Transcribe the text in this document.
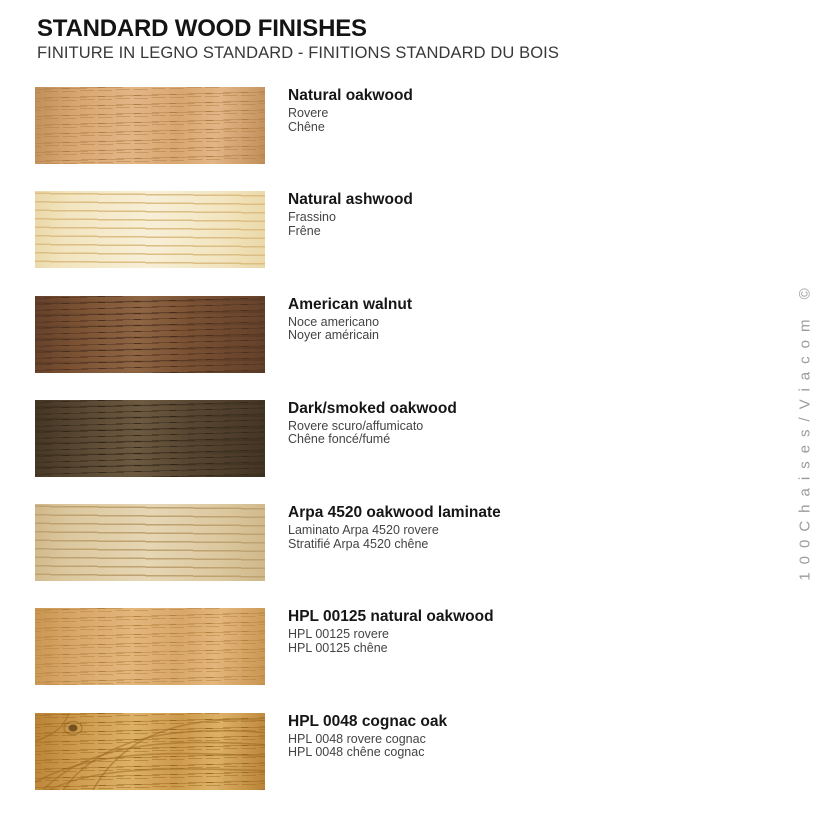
STANDARD WOOD FINISHES
FINITURE IN LEGNO STANDARD - FINITIONS STANDARD DU BOIS
Natural oakwood

Rovere

Chêne

Natural ashwood

Frassino

Frêne

American walnut

Noce americano

Noyer américain

Dark/smoked oakwood

Rovere scuro/affumicato

Chêne foncé/fumé

Arpa 4520 oakwood laminate

Laminato Arpa 4520 rovere

Stratifié Arpa 4520 chêne

HPL 00125 natural oakwood

HPL 00125 rovere

HPL 00125 chêne

HPL 0048 cognac oak

HPL 0048 rovere cognac

HPL 0048 chêne cognac

100Chaises/Viacom ©
